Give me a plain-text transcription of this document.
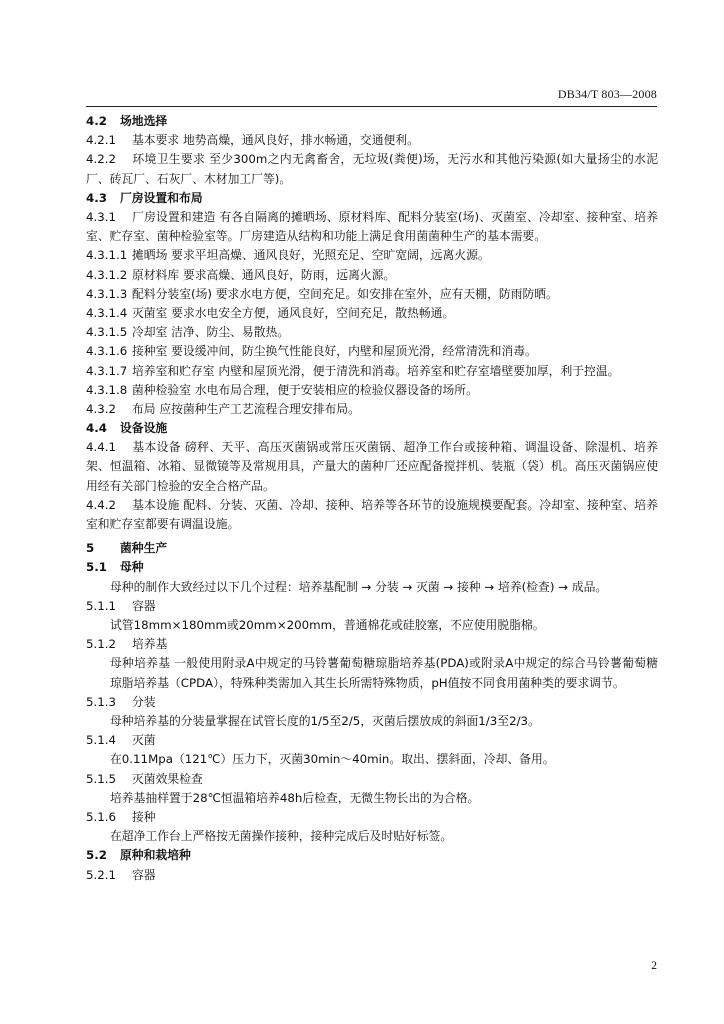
DB34/T 803—2008
4.2 场地选择
4.2.1 基本要求 地势高燥，通风良好，排水畅通，交通便利。
4.2.2 环境卫生要求 至少300m之内无禽畜舍，无垃圾(粪便)场，无污水和其他污染源(如大量扬尘的水泥厂、砖瓦厂、石灰厂、木材加工厂等)。
4.3 厂房设置和布局
4.3.1 厂房设置和建造 有各自隔离的摊晒场、原材料库、配料分装室(场)、灭菌室、冷却室、接种室、培养室、贮存室、菌种检验室等。厂房建造从结构和功能上满足食用菌菌种生产的基本需要。
4.3.1.1 摊晒场 要求平坦高燥、通风良好，光照充足、空旷宽阔，远离火源。
4.3.1.2 原材料库 要求高燥、通风良好，防雨，远离火源。
4.3.1.3 配料分装室(场) 要求水电方便，空间充足。如安排在室外，应有天棚，防雨防晒。
4.3.1.4 灭菌室 要求水电安全方便，通风良好，空间充足，散热畅通。
4.3.1.5 冷却室 洁净、防尘、易散热。
4.3.1.6 接种室 要设缓冲间，防尘换气性能良好，内壁和屋顶光滑，经常清洗和消毒。
4.3.1.7 培养室和贮存室 内壁和屋顶光滑，便于清洗和消毒。培养室和贮存室墙壁要加厚，利于控温。
4.3.1.8 菌种检验室 水电布局合理，便于安装相应的检验仪器设备的场所。
4.3.2 布局 应按菌种生产工艺流程合理安排布局。
4.4 设备设施
4.4.1 基本设备 磅秤、天平、高压灭菌锅或常压灭菌锅、超净工作台或接种箱、调温设备、除湿机、培养架、恒温箱、冰箱、显微镜等及常规用具，产量大的菌种厂还应配备搅拌机、装瓶（袋）机。高压灭菌锅应使用经有关部门检验的安全合格产品。
4.4.2 基本设施 配料、分装、灭菌、冷却、接种、培养等各环节的设施规模要配套。冷却室、接种室、培养室和贮存室都要有调温设施。
5 菌种生产
5.1 母种
母种的制作大致经过以下几个过程：培养基配制 → 分装 → 灭菌 → 接种 → 培养(检查) → 成品。
5.1.1 容器
试管18mm×180mm或20mm×200mm，普通棉花或硅胶塞，不应使用脱脂棉。
5.1.2 培养基
母种培养基 一般使用附录A中规定的马铃薯葡萄糖琼脂培养基(PDA)或附录A中规定的综合马铃薯葡萄糖琼脂培养基（CPDA），特殊种类需加入其生长所需特殊物质，pH值按不同食用菌种类的要求调节。
5.1.3 分装
母种培养基的分装量掌握在试管长度的1/5至2/5，灭菌后摆放成的斜面1/3至2/3。
5.1.4 灭菌
在0.11Mpa（121℃）压力下，灭菌30min～40min。取出、摆斜面，冷却、备用。
5.1.5 灭菌效果检查
培养基抽样置于28℃恒温箱培养48h后检查，无微生物长出的为合格。
5.1.6 接种
在超净工作台上严格按无菌操作接种，接种完成后及时贴好标签。
5.2 原种和栽培种
5.2.1 容器
2
